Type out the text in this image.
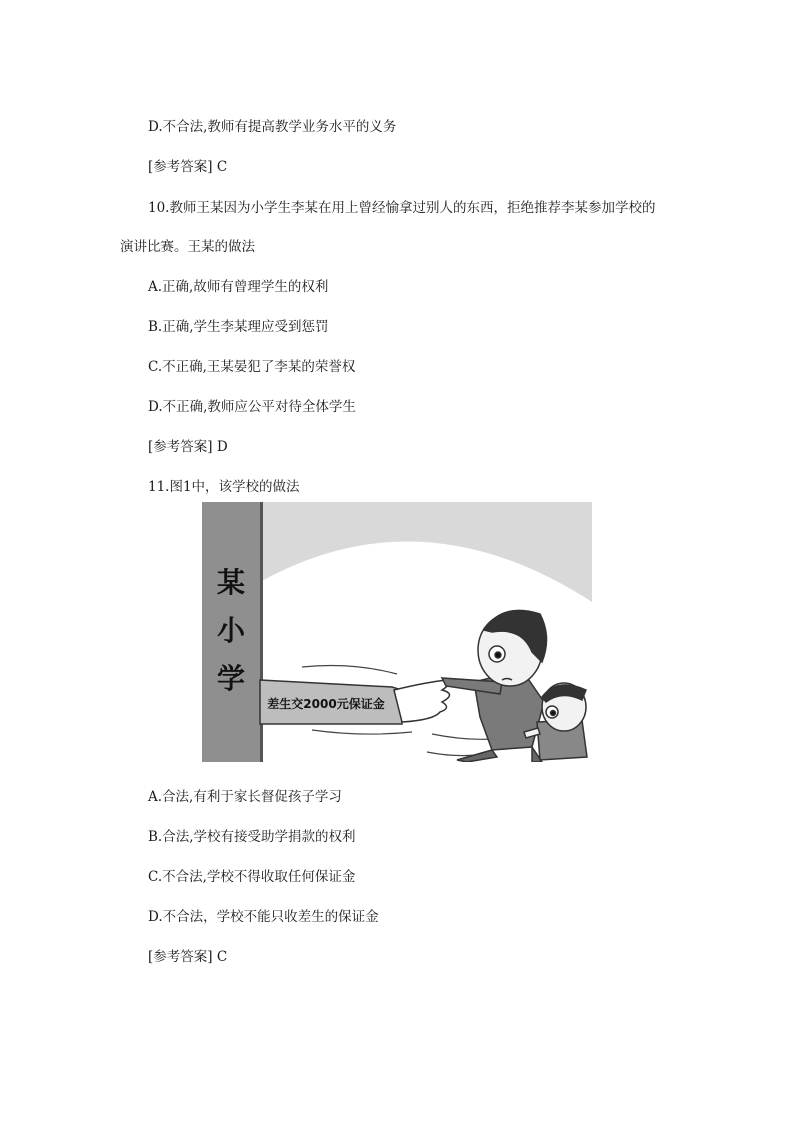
D.不合法,教师有提高教学业务水平的义务
[参考答案] C
10.教师王某因为小学生李某在用上曾经愉拿过别人的东西，拒绝推荐李某参加学校的
演讲比赛。王某的做法
A.正确,故师有曾理学生的权利
B.正确,学生李某理应受到惩罚
C.不正确,王某晏犯了李某的荣誉权
D.不正确,教师应公平对待全体学生
[参考答案] D
11.图1中，该学校的做法
某
小
学
差生交2000元保证金
A.合法,有利于家长督促孩子学习
B.合法,学校有接受助学捐款的权利
C.不合法,学校不得收取任何保证金
D.不合法，学校不能只收差生的保证金
[参考答案] C
